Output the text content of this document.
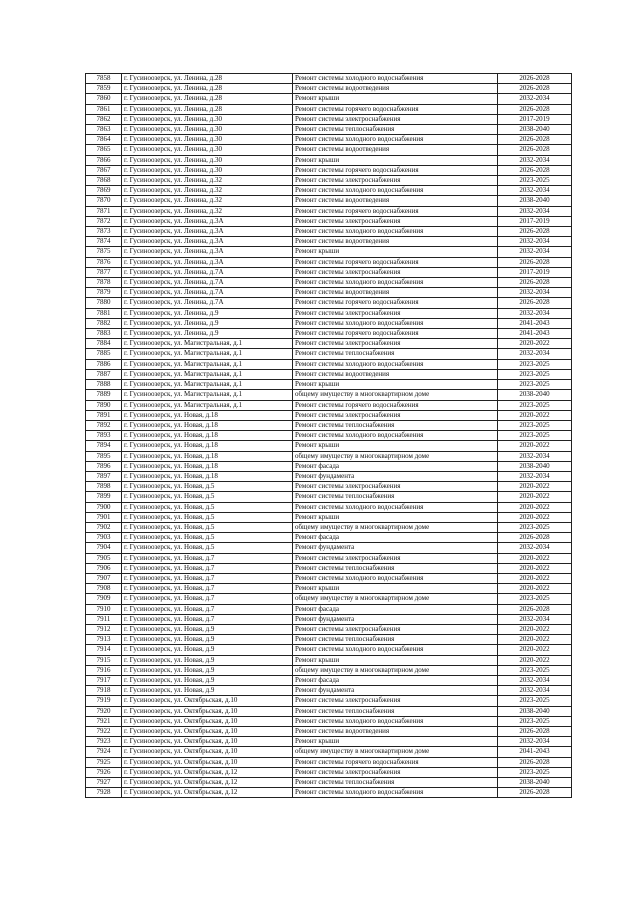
7858	г. Гусиноозерск, ул. Ленина, д.28	Ремонт системы холодного водоснабжения	2026-2028
7859	г. Гусиноозерск, ул. Ленина, д.28	Ремонт системы водоотведения	2026-2028
7860	г. Гусиноозерск, ул. Ленина, д.28	Ремонт крыши	2032-2034
7861	г. Гусиноозерск, ул. Ленина, д.28	Ремонт системы горячего водоснабжения	2026-2028
7862	г. Гусиноозерск, ул. Ленина, д.30	Ремонт системы электроснабжения	2017-2019
7863	г. Гусиноозерск, ул. Ленина, д.30	Ремонт системы теплоснабжения	2038-2040
7864	г. Гусиноозерск, ул. Ленина, д.30	Ремонт системы холодного водоснабжения	2026-2028
7865	г. Гусиноозерск, ул. Ленина, д.30	Ремонт системы водоотведения	2026-2028
7866	г. Гусиноозерск, ул. Ленина, д.30	Ремонт крыши	2032-2034
7867	г. Гусиноозерск, ул. Ленина, д.30	Ремонт системы горячего водоснабжения	2026-2028
7868	г. Гусиноозерск, ул. Ленина, д.32	Ремонт системы электроснабжения	2023-2025
7869	г. Гусиноозерск, ул. Ленина, д.32	Ремонт системы холодного водоснабжения	2032-2034
7870	г. Гусиноозерск, ул. Ленина, д.32	Ремонт системы водоотведения	2038-2040
7871	г. Гусиноозерск, ул. Ленина, д.32	Ремонт системы горячего водоснабжения	2032-2034
7872	г. Гусиноозерск, ул. Ленина, д.3А	Ремонт системы электроснабжения	2017-2019
7873	г. Гусиноозерск, ул. Ленина, д.3А	Ремонт системы холодного водоснабжения	2026-2028
7874	г. Гусиноозерск, ул. Ленина, д.3А	Ремонт системы водоотведения	2032-2034
7875	г. Гусиноозерск, ул. Ленина, д.3А	Ремонт крыши	2032-2034
7876	г. Гусиноозерск, ул. Ленина, д.3А	Ремонт системы горячего водоснабжения	2026-2028
7877	г. Гусиноозерск, ул. Ленина, д.7А	Ремонт системы электроснабжения	2017-2019
7878	г. Гусиноозерск, ул. Ленина, д.7А	Ремонт системы холодного водоснабжения	2026-2028
7879	г. Гусиноозерск, ул. Ленина, д.7А	Ремонт системы водоотведения	2032-2034
7880	г. Гусиноозерск, ул. Ленина, д.7А	Ремонт системы горячего водоснабжения	2026-2028
7881	г. Гусиноозерск, ул. Ленина, д.9	Ремонт системы электроснабжения	2032-2034
7882	г. Гусиноозерск, ул. Ленина, д.9	Ремонт системы холодного водоснабжения	2041-2043
7883	г. Гусиноозерск, ул. Ленина, д.9	Ремонт системы горячего водоснабжения	2041-2043
7884	г. Гусиноозерск, ул. Магистральная, д.1	Ремонт системы электроснабжения	2020-2022
7885	г. Гусиноозерск, ул. Магистральная, д.1	Ремонт системы теплоснабжения	2032-2034
7886	г. Гусиноозерск, ул. Магистральная, д.1	Ремонт системы холодного водоснабжения	2023-2025
7887	г. Гусиноозерск, ул. Магистральная, д.1	Ремонт системы водоотведения	2023-2025
7888	г. Гусиноозерск, ул. Магистральная, д.1	Ремонт крыши	2023-2025
7889	г. Гусиноозерск, ул. Магистральная, д.1	общему имуществу в многоквартирном доме	2038-2040
7890	г. Гусиноозерск, ул. Магистральная, д.1	Ремонт системы горячего водоснабжения	2023-2025
7891	г. Гусиноозерск, ул. Новая, д.18	Ремонт системы электроснабжения	2020-2022
7892	г. Гусиноозерск, ул. Новая, д.18	Ремонт системы теплоснабжения	2023-2025
7893	г. Гусиноозерск, ул. Новая, д.18	Ремонт системы холодного водоснабжения	2023-2025
7894	г. Гусиноозерск, ул. Новая, д.18	Ремонт крыши	2020-2022
7895	г. Гусиноозерск, ул. Новая, д.18	общему имуществу в многоквартирном доме	2032-2034
7896	г. Гусиноозерск, ул. Новая, д.18	Ремонт фасада	2038-2040
7897	г. Гусиноозерск, ул. Новая, д.18	Ремонт фундамента	2032-2034
7898	г. Гусиноозерск, ул. Новая, д.5	Ремонт системы электроснабжения	2020-2022
7899	г. Гусиноозерск, ул. Новая, д.5	Ремонт системы теплоснабжения	2020-2022
7900	г. Гусиноозерск, ул. Новая, д.5	Ремонт системы холодного водоснабжения	2020-2022
7901	г. Гусиноозерск, ул. Новая, д.5	Ремонт крыши	2020-2022
7902	г. Гусиноозерск, ул. Новая, д.5	общему имуществу в многоквартирном доме	2023-2025
7903	г. Гусиноозерск, ул. Новая, д.5	Ремонт фасада	2026-2028
7904	г. Гусиноозерск, ул. Новая, д.5	Ремонт фундамента	2032-2034
7905	г. Гусиноозерск, ул. Новая, д.7	Ремонт системы электроснабжения	2020-2022
7906	г. Гусиноозерск, ул. Новая, д.7	Ремонт системы теплоснабжения	2020-2022
7907	г. Гусиноозерск, ул. Новая, д.7	Ремонт системы холодного водоснабжения	2020-2022
7908	г. Гусиноозерск, ул. Новая, д.7	Ремонт крыши	2020-2022
7909	г. Гусиноозерск, ул. Новая, д.7	общему имуществу в многоквартирном доме	2023-2025
7910	г. Гусиноозерск, ул. Новая, д.7	Ремонт фасада	2026-2028
7911	г. Гусиноозерск, ул. Новая, д.7	Ремонт фундамента	2032-2034
7912	г. Гусиноозерск, ул. Новая, д.9	Ремонт системы электроснабжения	2020-2022
7913	г. Гусиноозерск, ул. Новая, д.9	Ремонт системы теплоснабжения	2020-2022
7914	г. Гусиноозерск, ул. Новая, д.9	Ремонт системы холодного водоснабжения	2020-2022
7915	г. Гусиноозерск, ул. Новая, д.9	Ремонт крыши	2020-2022
7916	г. Гусиноозерск, ул. Новая, д.9	общему имуществу в многоквартирном доме	2023-2025
7917	г. Гусиноозерск, ул. Новая, д.9	Ремонт фасада	2032-2034
7918	г. Гусиноозерск, ул. Новая, д.9	Ремонт фундамента	2032-2034
7919	г. Гусиноозерск, ул. Октябрьская, д.10	Ремонт системы электроснабжения	2023-2025
7920	г. Гусиноозерск, ул. Октябрьская, д.10	Ремонт системы теплоснабжения	2038-2040
7921	г. Гусиноозерск, ул. Октябрьская, д.10	Ремонт системы холодного водоснабжения	2023-2025
7922	г. Гусиноозерск, ул. Октябрьская, д.10	Ремонт системы водоотведения	2026-2028
7923	г. Гусиноозерск, ул. Октябрьская, д.10	Ремонт крыши	2032-2034
7924	г. Гусиноозерск, ул. Октябрьская, д.10	общему имуществу в многоквартирном доме	2041-2043
7925	г. Гусиноозерск, ул. Октябрьская, д.10	Ремонт системы горячего водоснабжения	2026-2028
7926	г. Гусиноозерск, ул. Октябрьская, д.12	Ремонт системы электроснабжения	2023-2025
7927	г. Гусиноозерск, ул. Октябрьская, д.12	Ремонт системы теплоснабжения	2038-2040
7928	г. Гусиноозерск, ул. Октябрьская, д.12	Ремонт системы холодного водоснабжения	2026-2028
